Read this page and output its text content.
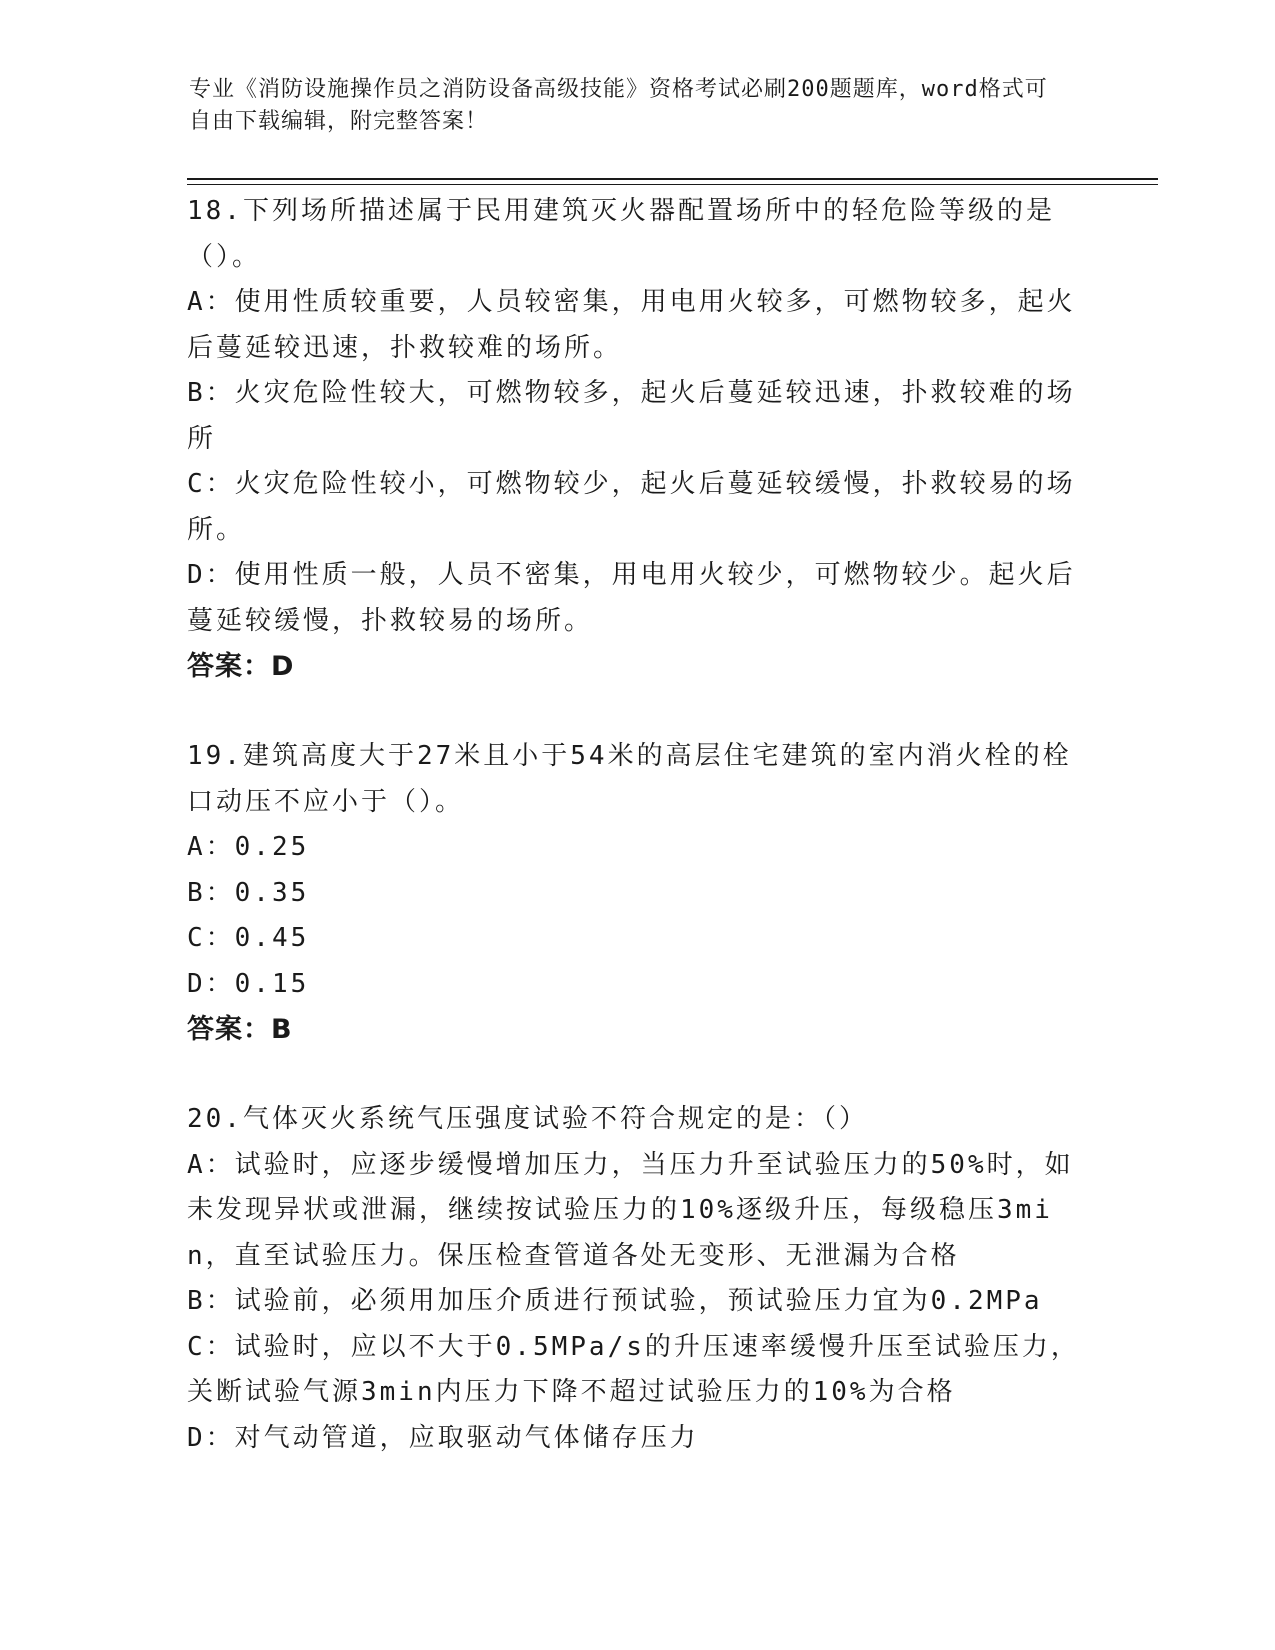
专业《消防设施操作员之消防设备高级技能》资格考试必刷200题题库，word格式可自由下载编辑，附完整答案！
18.下列场所描述属于民用建筑灭火器配置场所中的轻危险等级的是（）。
A：使用性质较重要，人员较密集，用电用火较多，可燃物较多，起火后蔓延较迅速，扑救较难的场所。
B：火灾危险性较大，可燃物较多，起火后蔓延较迅速，扑救较难的场所
C：火灾危险性较小，可燃物较少，起火后蔓延较缓慢，扑救较易的场所。
D：使用性质一般，人员不密集，用电用火较少，可燃物较少。起火后蔓延较缓慢，扑救较易的场所。
答案：D
19.建筑高度大于27米且小于54米的高层住宅建筑的室内消火栓的栓口动压不应小于（）。
A：0.25
B：0.35
C：0.45
D：0.15
答案：B
20.气体灭火系统气压强度试验不符合规定的是：（）
A：试验时，应逐步缓慢增加压力，当压力升至试验压力的50%时，如未发现异状或泄漏，继续按试验压力的10%逐级升压，每级稳压3min，直至试验压力。保压检查管道各处无变形、无泄漏为合格
B：试验前，必须用加压介质进行预试验，预试验压力宜为0.2MPa
C：试验时，应以不大于0.5MPa/s的升压速率缓慢升压至试验压力，关断试验气源3min内压力下降不超过试验压力的10%为合格
D：对气动管道，应取驱动气体储存压力
